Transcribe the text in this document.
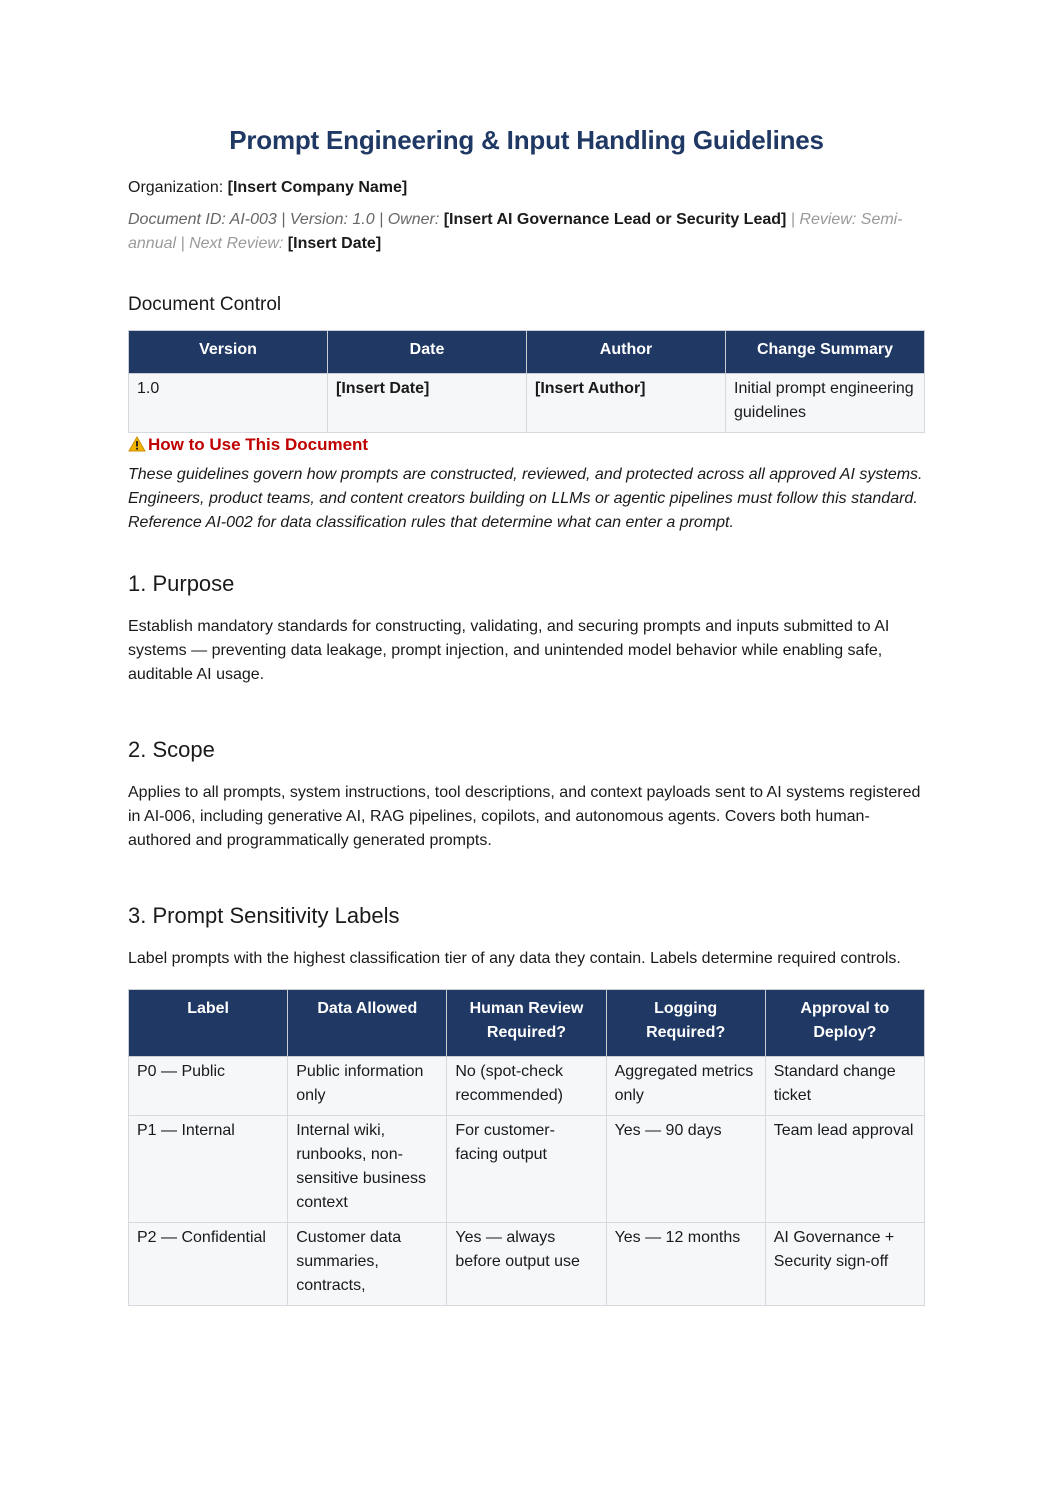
Prompt Engineering & Input Handling Guidelines
Organization: [Insert Company Name]
Document ID: AI-003 | Version: 1.0 | Owner: [Insert AI Governance Lead or Security Lead] | Review: Semi-annual | Next Review: [Insert Date]
Document Control
Version	Date	Author	Change Summary
1.0	[Insert Date]	[Insert Author]	Initial prompt engineering guidelines
How to Use This Document
These guidelines govern how prompts are constructed, reviewed, and protected across all approved AI systems. Engineers, product teams, and content creators building on LLMs or agentic pipelines must follow this standard. Reference AI-002 for data classification rules that determine what can enter a prompt.
1. Purpose
Establish mandatory standards for constructing, validating, and securing prompts and inputs submitted to AI systems — preventing data leakage, prompt injection, and unintended model behavior while enabling safe, auditable AI usage.
2. Scope
Applies to all prompts, system instructions, tool descriptions, and context payloads sent to AI systems registered in AI-006, including generative AI, RAG pipelines, copilots, and autonomous agents. Covers both human-authored and programmatically generated prompts.
3. Prompt Sensitivity Labels
Label prompts with the highest classification tier of any data they contain. Labels determine required controls.
Label	Data Allowed	Human Review Required?	Logging Required?	Approval to Deploy?
P0 — Public	Public information only	No (spot-check recommended)	Aggregated metrics only	Standard change ticket
P1 — Internal	Internal wiki, runbooks, non-sensitive business context	For customer-facing output	Yes — 90 days	Team lead approval
P2 — Confidential	Customer data summaries, contracts,	Yes — always before output use	Yes — 12 months	AI Governance + Security sign-off
